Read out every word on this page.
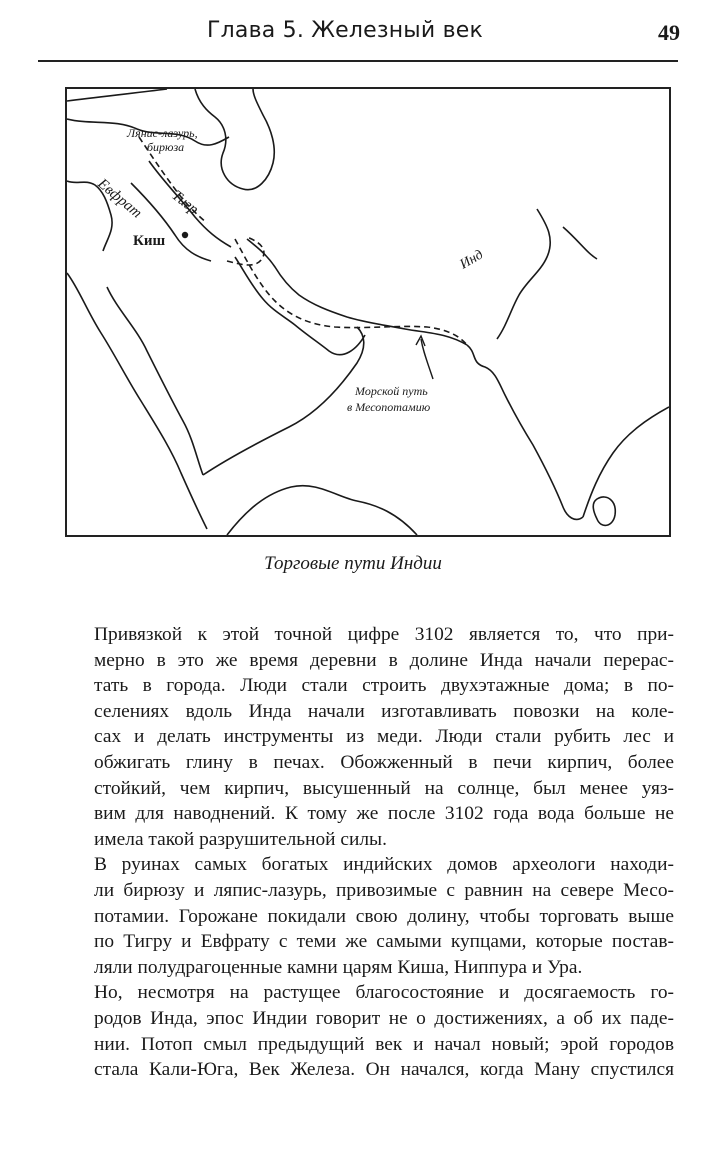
Глава 5. Железный век	49
Лянис-лазурь,
бирюза
Евфрат Тигр
Киш
Инд
Морской путь
в Месопотамию
Торговые пути Индии

Привязкой к этой точной цифре 3102 является то, что при-
мерно в это же время деревни в долине Инда начали перерас-
тать в города. Люди стали строить двухэтажные дома; в по-
селениях вдоль Инда начали изготавливать повозки на коле-
сах и делать инструменты из меди. Люди стали рубить лес и
обжигать глину в печах. Обожженный в печи кирпич, более
стойкий, чем кирпич, высушенный на солнце, был менее уяз-
вим для наводнений. К тому же после 3102 года вода больше не
имела такой разрушительной силы.

В руинах самых богатых индийских домов археологи находи-
ли бирюзу и ляпис-лазурь, привозимые с равнин на севере Месо-
потамии. Горожане покидали свою долину, чтобы торговать выше
по Тигру и Евфрату с теми же самыми купцами, которые постав-
ляли полудрагоценные камни царям Киша, Ниппура и Ура.

Но, несмотря на растущее благосостояние и досягаемость го-
родов Инда, эпос Индии говорит не о достижениях, а об их паде-
нии. Потоп смыл предыдущий век и начал новый; эрой городов
стала Кали-Юга, Век Железа. Он начался, когда Ману спустился
